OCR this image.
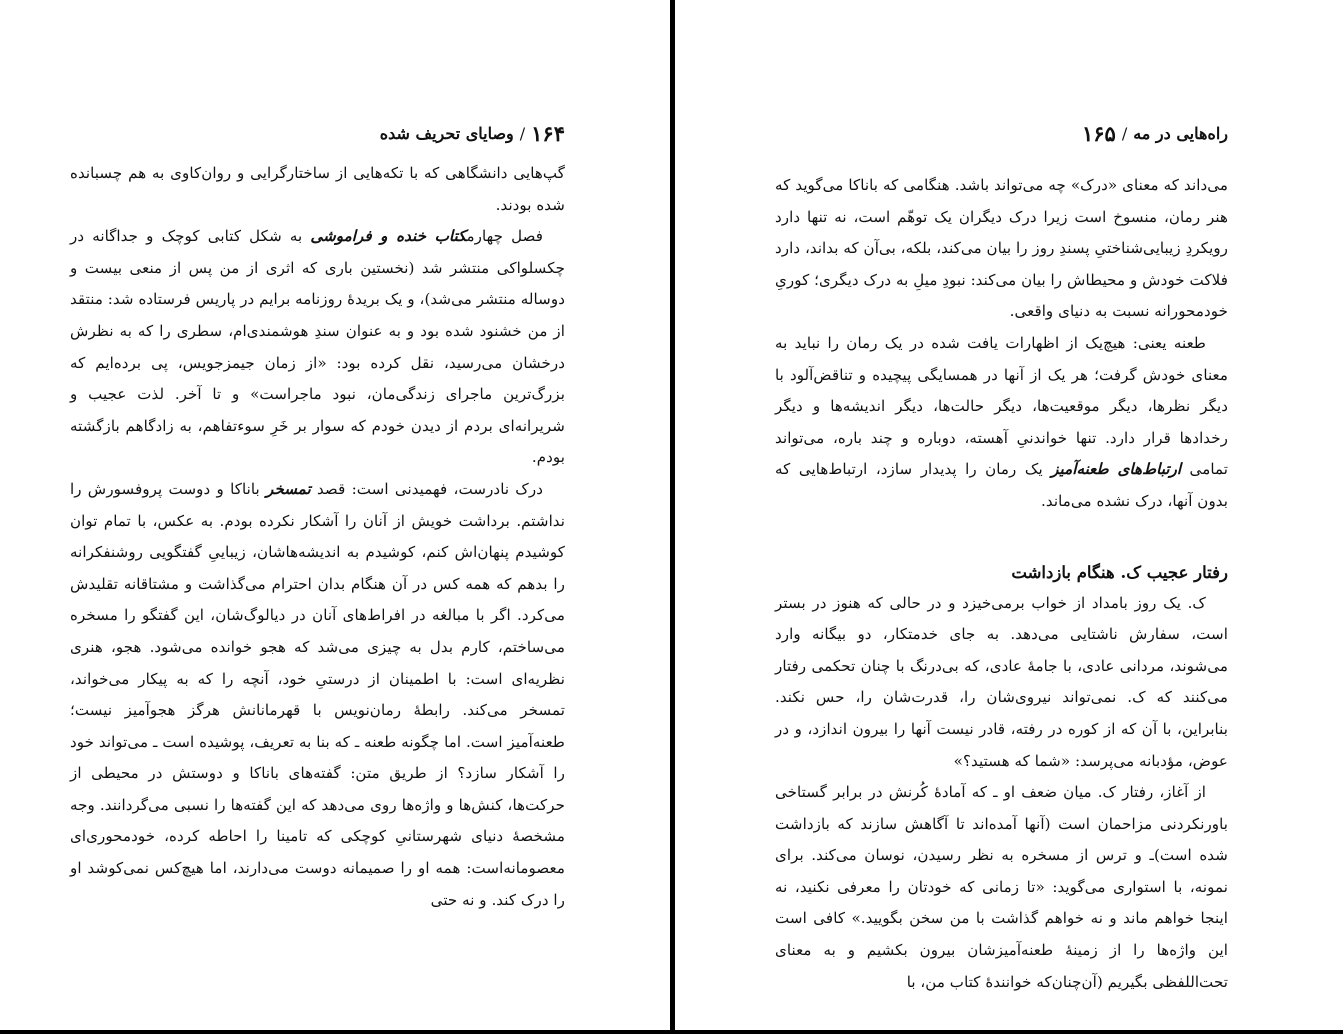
۱۶۴
/
وصایای تحریف شده

گپ‌هایی دانشگاهی که با تکه‌هایی از ساختارگرایی و روان‌کاوی به هم چسبانده شده بودند.

فصل چهارمکتاب خنده و فراموشی به شکل کتابی کوچک و جداگانه در چکسلواکی منتشر شد (نخستین باری که اثری از من پس از منعی بیست و دوساله منتشر می‌شد)، و یک بریدهٔ روزنامه برایم در پاریس فرستاده شد: منتقد از من خشنود شده بود و به عنوان سندِ هوشمندی‌ام، سطری را که به نظرش درخشان می‌رسید، نقل کرده بود: «از زمان جیمزجویس، پی برده‌ایم که بزرگ‌ترین ماجرای زندگی‌مان، نبود ماجراست» و تا آخر. لذت عجیب و شریرانه‌ای بردم از دیدن خودم که سوار بر خَرِ سوء‌تفاهم، به زادگاهم بازگشته بودم.

درک نادرست، فهمیدنی است: قصد تمسخر باناکا و دوست پروفسورش را نداشتم. برداشت خویش از آنان را آشکار نکرده بودم. به عکس، با تمام توان کوشیدم پنهان‌اش کنم، کوشیدم به اندیشه‌هاشان، زیباییِ گفتگویی روشنفکرانه را بدهم که همه کس در آن هنگام بدان احترام می‌گذاشت و مشتاقانه تقلیدش می‌کرد. اگر با مبالغه در افراط‌های آنان در دیالوگ‌شان، این گفتگو را مسخره می‌ساختم، کارم بدل به چیزی می‌شد که هجو خوانده می‌شود. هجو، هنری نظریه‌ای است: با اطمینان از درستیِ خود، آنچه را که به پیکار می‌خواند، تمسخر می‌کند. رابطهٔ رمان‌نویس با قهرمانانش هرگز هجوآمیز نیست؛ طعنه‌آمیز است. اما چگونه طعنه ـ که بنا به تعریف، پوشیده است ـ می‌تواند خود را آشکار سازد؟ از طریق متن: گفته‌های باناکا و دوستش در محیطی از حرکت‌ها، کنش‌ها و واژه‌ها روی می‌دهد که این گفته‌ها را نسبی می‌گردانند. وجه مشخصهٔ دنیای شهرستانیِ کوچکی که تامینا را احاطه کرده، خودمحوری‌ای معصومانه‌است: همه او را صمیمانه دوست می‌دارند، اما هیچ‌کس نمی‌کوشد او را درک کند. و نه حتی

راه‌هایی در مه
/
۱۶۵

می‌داند که معنای «درک» چه می‌تواند باشد. هنگامی که باناکا می‌گوید که هنر رمان، منسوخ است زیرا درک دیگران یک توهّم است، نه تنها دارد رویکردِ زیبایی‌شناختیِ پسندِ روز را بیان می‌کند، بلکه، بی‌آن که بداند، دارد فلاکت خودش و محیطاش را بیان می‌کند: نبودِ میلِ به درک دیگری؛ کوریِ خودمحورانه نسبت به دنیای واقعی.

طعنه یعنی: هیچ‌یک از اظهارات یافت شده در یک رمان را نباید به معنای خودش گرفت؛ هر یک از آنها در همسایگی پیچیده و تناقض‌آلود با دیگر نظرها، دیگر موقعیت‌ها، دیگر حالت‌ها، دیگر اندیشه‌ها و دیگر رخدادها قرار دارد. تنها خواندنیِ آهسته، دوباره و چند باره، می‌تواند تمامی ارتباط‌های طعنه‌آمیز یک رمان را پدیدار سازد، ارتباط‌هایی که بدون آنها، درک نشده می‌ماند.

رفتار عجیب ک. هنگام بازداشت

ک. یک روز بامداد از خواب برمی‌خیزد و در حالی که هنوز در بستر است، سفارش ناشتایی می‌دهد. به جای خدمتکار، دو بیگانه وارد می‌شوند، مردانی عادی، با جامهٔ عادی، که بی‌درنگ با چنان تحکمی رفتار می‌کنند که ک. نمی‌تواند نیروی‌شان را، قدرت‌شان را، حس نکند. بنابراین، با آن که از کوره در رفته، قادر نیست آنها را بیرون اندازد، و در عوض، مؤدبانه می‌پرسد: «شما که هستید؟»

از آغاز، رفتار ک. میان ضعف او ـ که آمادهٔ کُرنش در برابر گستاخی باورنکردنی مزاحمان است (آنها آمده‌اند تا آگاهش سازند که بازداشت شده است)ـ و ترس از مسخره به نظر رسیدن، نوسان می‌کند. برای نمونه، با استواری می‌گوید: «تا زمانی که خودتان را معرفی نکنید، نه اینجا خواهم ماند و نه خواهم گذاشت با من سخن بگویید.» کافی است این واژه‌ها را از زمینهٔ طعنه‌آمیزشان بیرون بکشیم و به معنای تحت‌اللفظی بگیریم (آن‌چنان‌که خوانندهٔ کتاب من، با
